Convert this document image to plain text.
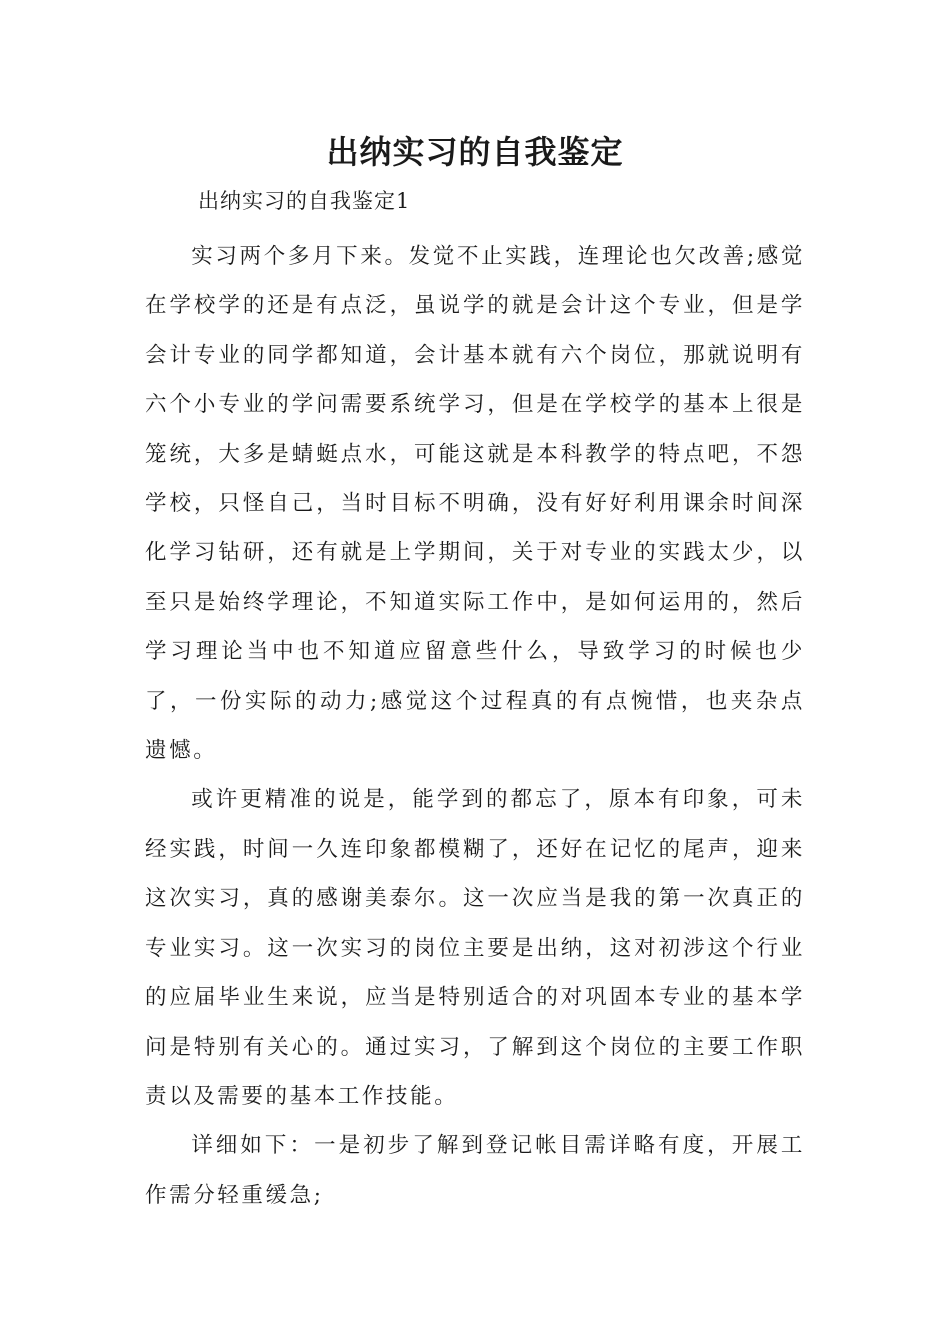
出纳实习的自我鉴定
出纳实习的自我鉴定1

实习两个多月下来。发觉不止实践，连理论也欠改善;感觉在学校学的还是有点泛，虽说学的就是会计这个专业，但是学会计专业的同学都知道，会计基本就有六个岗位，那就说明有六个小专业的学问需要系统学习，但是在学校学的基本上很是笼统，大多是蜻蜓点水，可能这就是本科教学的特点吧，不怨学校，只怪自己，当时目标不明确，没有好好利用课余时间深化学习钻研，还有就是上学期间，关于对专业的实践太少，以至只是始终学理论，不知道实际工作中，是如何运用的，然后学习理论当中也不知道应留意些什么，导致学习的时候也少了，一份实际的动力;感觉这个过程真的有点惋惜，也夹杂点遗憾。

或许更精准的说是，能学到的都忘了，原本有印象，可未经实践，时间一久连印象都模糊了，还好在记忆的尾声，迎来这次实习，真的感谢美泰尔。这一次应当是我的第一次真正的专业实习。这一次实习的岗位主要是出纳，这对初涉这个行业的应届毕业生来说，应当是特别适合的对巩固本专业的基本学问是特别有关心的。通过实习，了解到这个岗位的主要工作职责以及需要的基本工作技能。

详细如下：一是初步了解到登记帐目需详略有度，开展工作需分轻重缓急;
